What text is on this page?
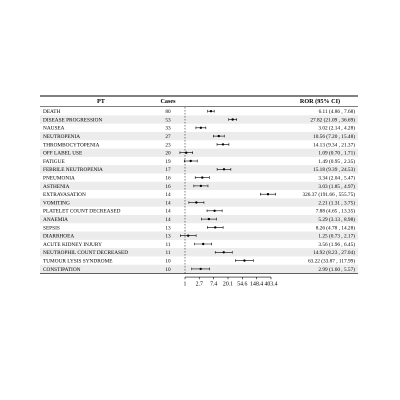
PT	Cases	ROR (95% CI)
DEATH	80	6.11 (4.86 , 7.68)
DISEASE PROGRESSION	53	27.82 (21.09 , 36.69)
NAUSEA	33	3.02 (2.14 , 4.28)
NEUTROPENIA	27	10.56 (7.20 , 15.48)
THROMBOCYTOPENIA	23	14.13 (9.34 , 21.37)
OFF LABEL USE	20	1.09 (0.70 , 1.71)
FATIGUE	19	1.49 (0.95 , 2.35)
FEBRILE NEUTROPENIA	17	15.18 (9.39 , 24.53)
PNEUMONIA	16	3.34 (2.04 , 5.47)
ASTHENIA	16	3.03 (1.85 , 4.97)
EXTRAVASATION	14	326.37 (191.66 , 555.75)
VOMITING	14	2.21 (1.31 , 3.75)
PLATELET COUNT DECREASED	14	7.88 (4.65 , 13.35)
ANAEMIA	14	5.29 (3.13 , 8.98)
SEPSIS	13	8.26 (4.78 , 14.28)
DIARRHOEA	13	1.25 (0.73 , 2.17)
ACUTE KIDNEY INJURY	11	3.56 (1.96 , 6.45)
NEUTROPHIL COUNT DECREASED	11	14.92 (8.23 , 27.04)
TUMOUR LYSIS SYNDROME	10	63.22 (33.87 , 117.99)
CONSTIPATION	10	2.99 (1.60 , 5.57)
1 2.7 7.4 20.1 54.6 148.4 403.4
